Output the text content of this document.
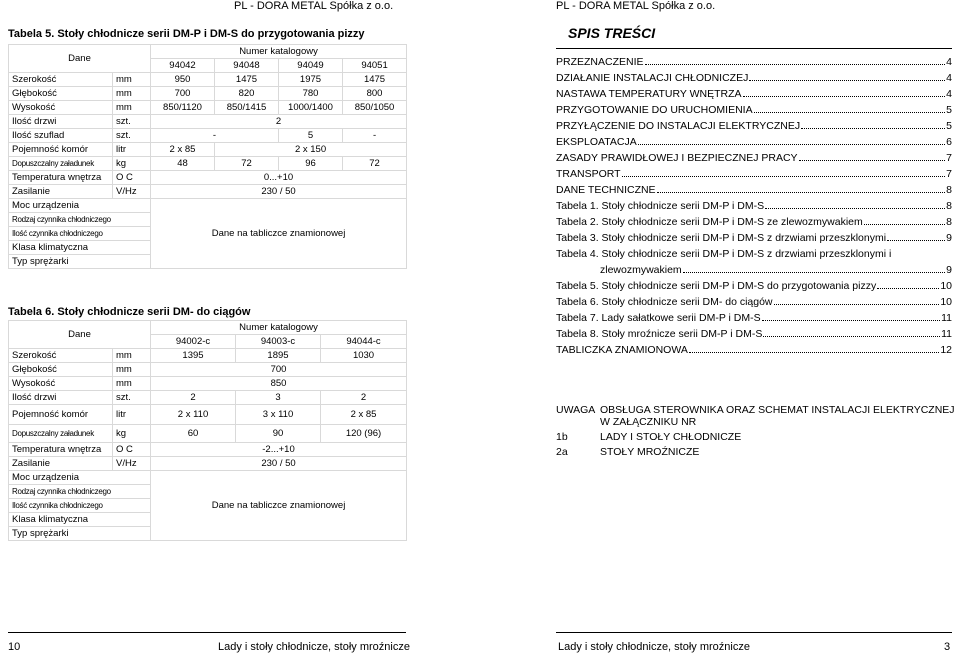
PL - DORA METAL Spółka z o.o.	PL - DORA METAL Spółka z o.o.
Tabela 5. Stoły chłodnicze serii DM-P i DM-S do przygotowania pizzy
Dane		Numer katalogowy			
		94042	94048	94049	94051
Szerokość	mm	950	1475	1975	1475
Głębokość	mm	700	820	780	800
Wysokość	mm	850/1120	850/1415	1000/1400	850/1050
Ilość drzwi	szt.	2			
Ilość szuflad	szt.	-		5	-
Pojemność komór	litr	2 x 85	2 x 150		
Dopuszczalny załadunek	kg	48	72	96	72
Temperatura wnętrza	O C	0...+10			
Zasilanie	V/Hz	230 / 50			
Moc urządzenia		Dane na tabliczce znamionowej			
Rodzaj czynnika chłodniczego					
Ilość czynnika chłodniczego					
Klasa klimatyczna					
Typ sprężarki					
Tabela 6. Stoły chłodnicze serii DM- do ciągów
Dane		Numer katalogowy		
		94002-c	94003-c	94044-c
Szerokość	mm	1395	1895	1030
Głębokość	mm	700		
Wysokość	mm	850		
Ilość drzwi	szt.	2	3	2
Pojemność komór	litr	2 x 110	3 x 110	2 x 85
Dopuszczalny załadunek	kg	60	90	120 (96)
Temperatura wnętrza	O C	-2...+10		
Zasilanie	V/Hz	230 / 50		
Moc urządzenia		Dane na tabliczce znamionowej		
Rodzaj czynnika chłodniczego				
Ilość czynnika chłodniczego				
Klasa klimatyczna				
Typ sprężarki				
SPIS TREŚCI
PRZEZNACZENIE	4
DZIAŁANIE INSTALACJI CHŁODNICZEJ	4
NASTAWA TEMPERATURY WNĘTRZA	4
PRZYGOTOWANIE DO URUCHOMIENIA	5
PRZYŁĄCZENIE DO INSTALACJI ELEKTRYCZNEJ	5
EKSPLOATACJA	6
ZASADY PRAWIDŁOWEJ I BEZPIECZNEJ PRACY	7
TRANSPORT	7
DANE TECHNICZNE	8
Tabela 1. Stoły chłodnicze serii DM-P i DM-S	8
Tabela 2. Stoły chłodnicze serii DM-P i DM-S ze zlewozmywakiem	8
Tabela 3. Stoły chłodnicze serii DM-P i DM-S z drzwiami przeszklonymi	9
Tabela 4. Stoły chłodnicze serii DM-P i DM-S z drzwiami przeszklonymi i
zlewozmywakiem	9
Tabela 5. Stoły chłodnicze serii DM-P i DM-S do przygotowania pizzy	10
Tabela 6. Stoły chłodnicze serii DM- do ciągów	10
Tabela 7. Lady sałatkowe serii DM-P i DM-S	11
Tabela 8. Stoły mroźnicze serii DM-P i DM-S	11
TABLICZKA ZNAMIONOWA	12
UWAGA OBSŁUGA STEROWNIKA ORAZ SCHEMAT INSTALACJI ELEKTRYCZNEJ
W ZAŁĄCZNIKU NR
1b	LADY I STOŁY CHŁODNICZE
2a	STOŁY MROŹNICZE
10	Lady i stoły chłodnicze, stoły mroźnicze	Lady i stoły chłodnicze, stoły mroźnicze	3
